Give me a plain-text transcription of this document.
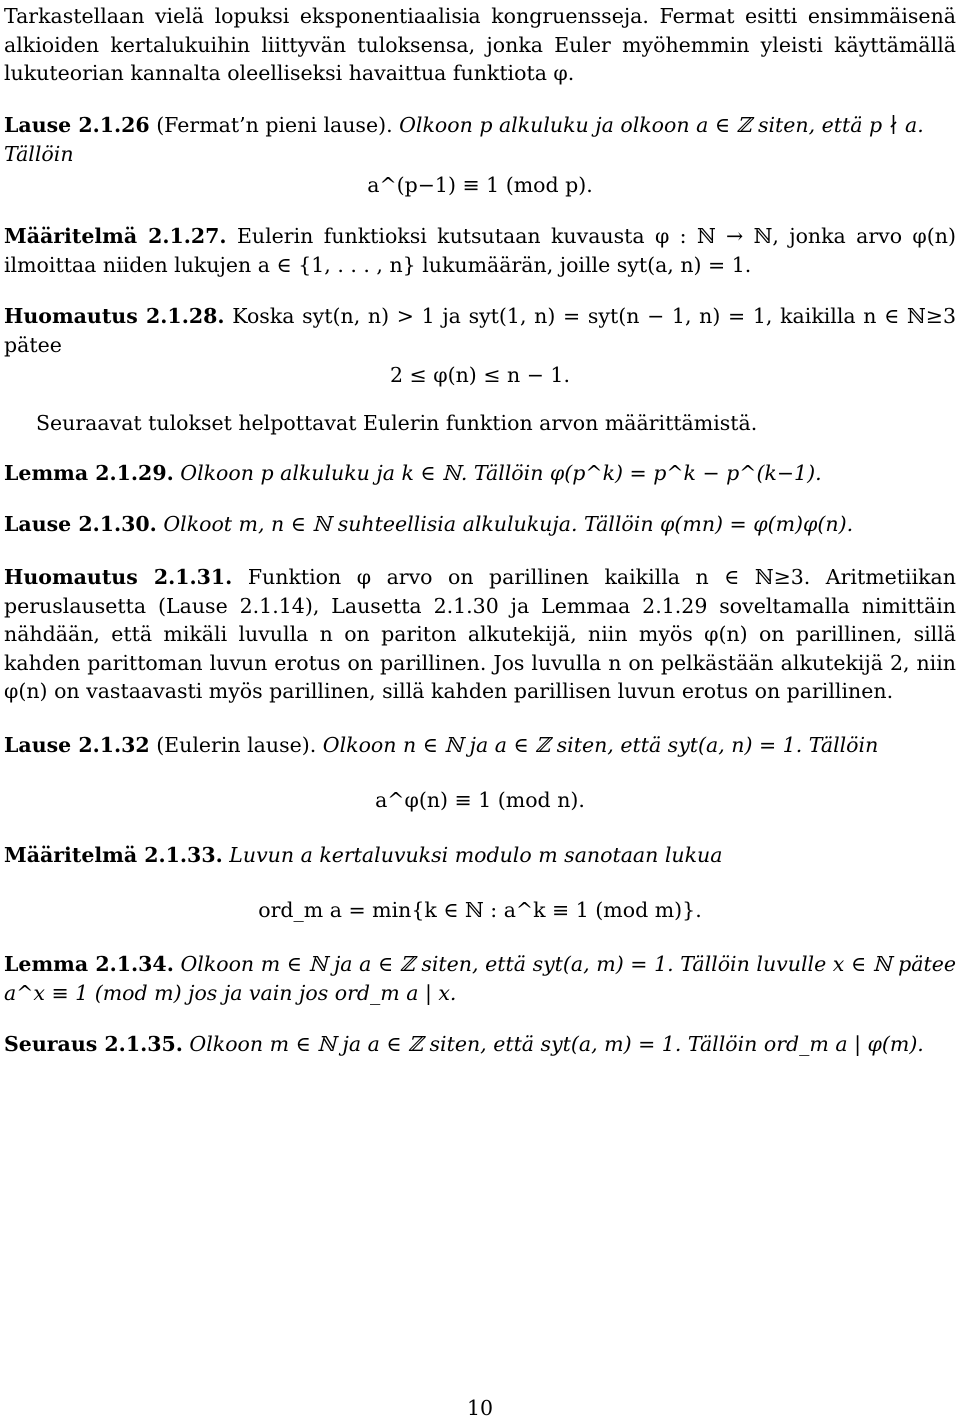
Tarkastellaan vielä lopuksi eksponentiaalisia kongruensseja. Fermat esitti ensimmäisenä alkioiden kertalukuihin liittyvän tuloksensa, jonka Euler myöhemmin yleisti käyttämällä lukuteorian kannalta oleelliseksi havaittua funktiota φ.

Lause 2.1.26 (Fermat’n pieni lause). Olkoon p alkuluku ja olkoon a ∈ ℤ siten, että p ∤ a. Tällöin

a^(p−1) ≡ 1 (mod p).

Määritelmä 2.1.27. Eulerin funktioksi kutsutaan kuvausta φ : ℕ → ℕ, jonka arvo φ(n) ilmoittaa niiden lukujen a ∈ {1, . . . , n} lukumäärän, joille syt(a, n) = 1.

Huomautus 2.1.28. Koska syt(n, n) > 1 ja syt(1, n) = syt(n − 1, n) = 1, kaikilla n ∈ ℕ≥3 pätee

2 ≤ φ(n) ≤ n − 1.

Seuraavat tulokset helpottavat Eulerin funktion arvon määrittämistä.

Lemma 2.1.29. Olkoon p alkuluku ja k ∈ ℕ. Tällöin φ(p^k) = p^k − p^(k−1).

Lause 2.1.30. Olkoot m, n ∈ ℕ suhteellisia alkulukuja. Tällöin φ(mn) = φ(m)φ(n).

Huomautus 2.1.31. Funktion φ arvo on parillinen kaikilla n ∈ ℕ≥3. Aritmetiikan peruslausetta (Lause 2.1.14), Lausetta 2.1.30 ja Lemmaa 2.1.29 soveltamalla nimittäin nähdään, että mikäli luvulla n on pariton alkutekijä, niin myös φ(n) on parillinen, sillä kahden parittoman luvun erotus on parillinen. Jos luvulla n on pelkästään alkutekijä 2, niin φ(n) on vastaavasti myös parillinen, sillä kahden parillisen luvun erotus on parillinen.

Lause 2.1.32 (Eulerin lause). Olkoon n ∈ ℕ ja a ∈ ℤ siten, että syt(a, n) = 1. Tällöin

a^φ(n) ≡ 1 (mod n).

Määritelmä 2.1.33. Luvun a kertaluvuksi modulo m sanotaan lukua

ord_m a = min{k ∈ ℕ : a^k ≡ 1 (mod m)}.

Lemma 2.1.34. Olkoon m ∈ ℕ ja a ∈ ℤ siten, että syt(a, m) = 1. Tällöin luvulle x ∈ ℕ pätee a^x ≡ 1 (mod m) jos ja vain jos ord_m a | x.

Seuraus 2.1.35. Olkoon m ∈ ℕ ja a ∈ ℤ siten, että syt(a, m) = 1. Tällöin ord_m a | φ(m).

10
